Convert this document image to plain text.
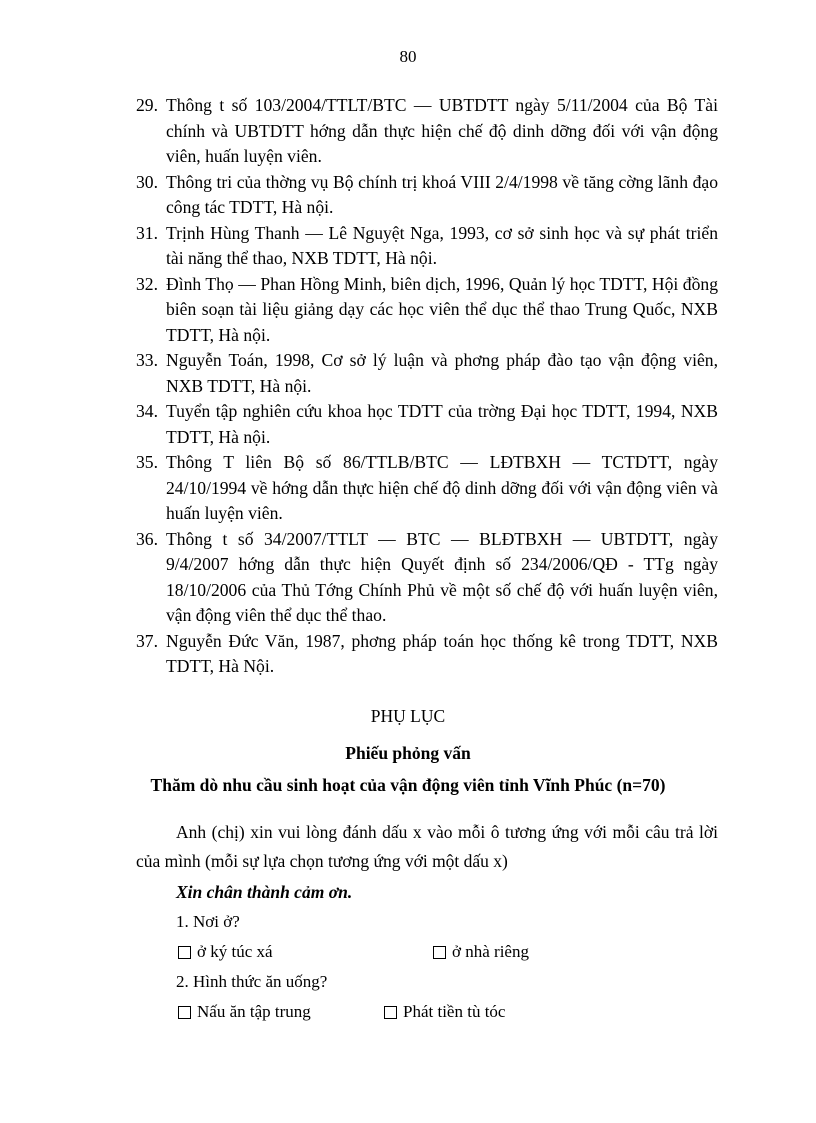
80
29. Thông t số 103/2004/TTLT/BTC — UBTDTT ngày 5/11/2004 của Bộ Tài chính và UBTDTT hớng dẫn thực hiện chế độ dinh dỡng đối với vận động viên, huấn luyện viên.
30. Thông tri của thờng vụ Bộ chính trị khoá VIII 2/4/1998 về tăng cờng lãnh đạo công tác TDTT, Hà nội.
31. Trịnh Hùng Thanh — Lê Nguyệt Nga, 1993, cơ sở sinh học và sự phát triển tài năng thể thao, NXB TDTT, Hà nội.
32. Đình Thọ — Phan Hồng Minh, biên dịch, 1996, Quản lý học TDTT, Hội đồng biên soạn tài liệu giảng dạy các học viên thể dục thể thao Trung Quốc, NXB TDTT, Hà nội.
33. Nguyễn Toán, 1998, Cơ sở lý luận và phơng pháp đào tạo vận động viên, NXB TDTT, Hà nội.
34. Tuyển tập nghiên cứu khoa học TDTT của trờng Đại học TDTT, 1994, NXB TDTT, Hà nội.
35. Thông T liên Bộ số 86/TTLB/BTC — LĐTBXH — TCTDTT, ngày 24/10/1994 về hớng dẫn thực hiện chế độ dinh dỡng đối với vận động viên và huấn luyện viên.
36. Thông t số 34/2007/TTLT — BTC — BLĐTBXH — UBTDTT, ngày 9/4/2007 hớng dẫn thực hiện Quyết định số 234/2006/QĐ - TTg ngày 18/10/2006 của Thủ Tớng Chính Phủ về một số chế độ với huấn luyện viên, vận động viên thể dục thể thao.
37. Nguyễn Đức Văn, 1987, phơng pháp toán học thống kê trong TDTT, NXB TDTT, Hà Nội.
PHỤ LỤC
Phiếu phỏng vấn
Thăm dò nhu cầu sinh hoạt của vận động viên tỉnh Vĩnh Phúc (n=70)

Anh (chị) xin vui lòng đánh dấu x vào mỗi ô tương ứng với mỗi câu trả lời của mình (mỗi sự lựa chọn tương ứng với một dấu x)

Xin chân thành cảm ơn.
1. Nơi ở?
ở ký túc xá	ở nhà riêng
2. Hình thức ăn uống?
Nấu ăn tập trung	Phát tiền tù tóc
